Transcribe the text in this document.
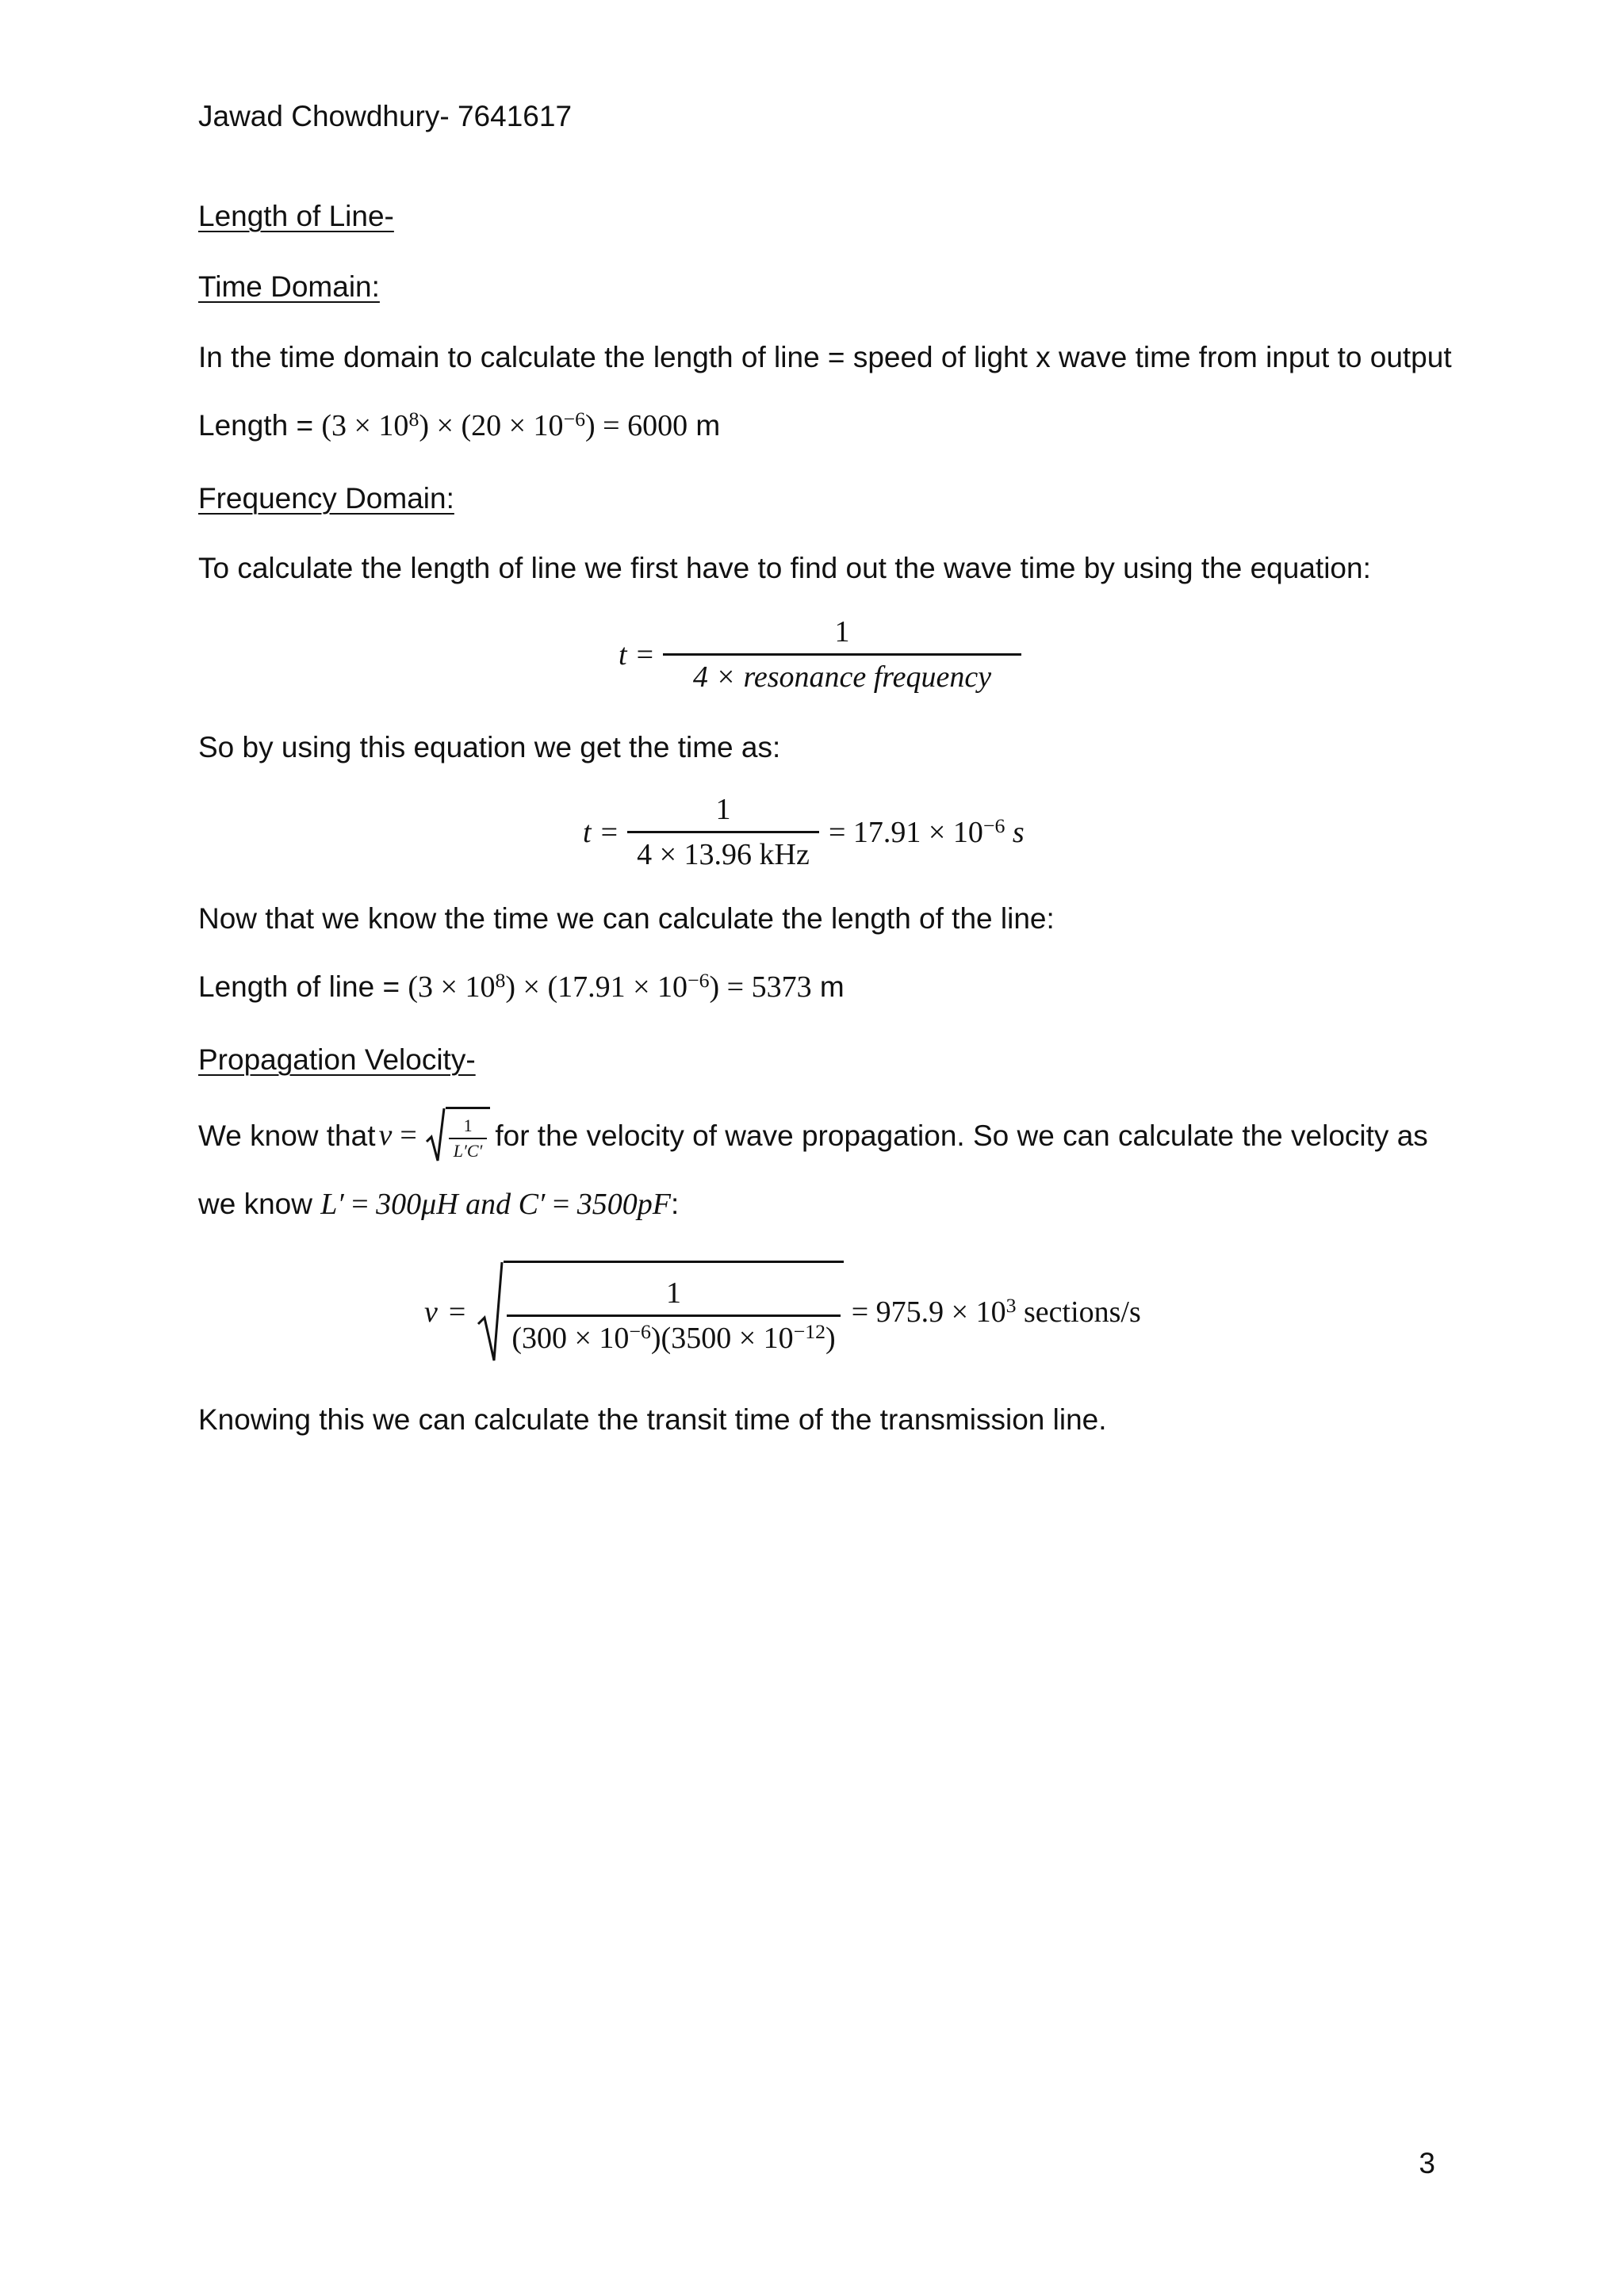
Jawad Chowdhury- 7641617
Length of Line-
Time Domain:
In the time domain to calculate the length of line = speed of light x wave time from input to output
Length = $(3 \times 10^8) \times (20 \times 10^{-6}) = 6000$ m
Frequency Domain:
To calculate the length of line we first have to find out the wave time by using the equation:
$t = \frac{1}{\text{4 × resonance frequency}}$
So by using this equation we get the time as:
$t = \frac{1}{\text{4 × 13.96 kHz}} = 17.91 \times 10^{-6}$ s
Now that we know the time we can calculate the length of the line:
Length of line = $(3 \times 10^8) \times (17.91 \times 10^{-6}) = 5373$ m
Propagation Velocity-
We know that v =	$\frac{1}{L'C'}$ for the velocity of wave propagation. So we can calculate the velocity as
we know L′ = 300μH and C′ = 3500pF:
v =	$\frac{1}{(300 \times 10^{-6})(3500 \times 10^{-12})} = 975.9 \times 10^3$ sections/s
Knowing this we can calculate the transit time of the transmission line.
3
